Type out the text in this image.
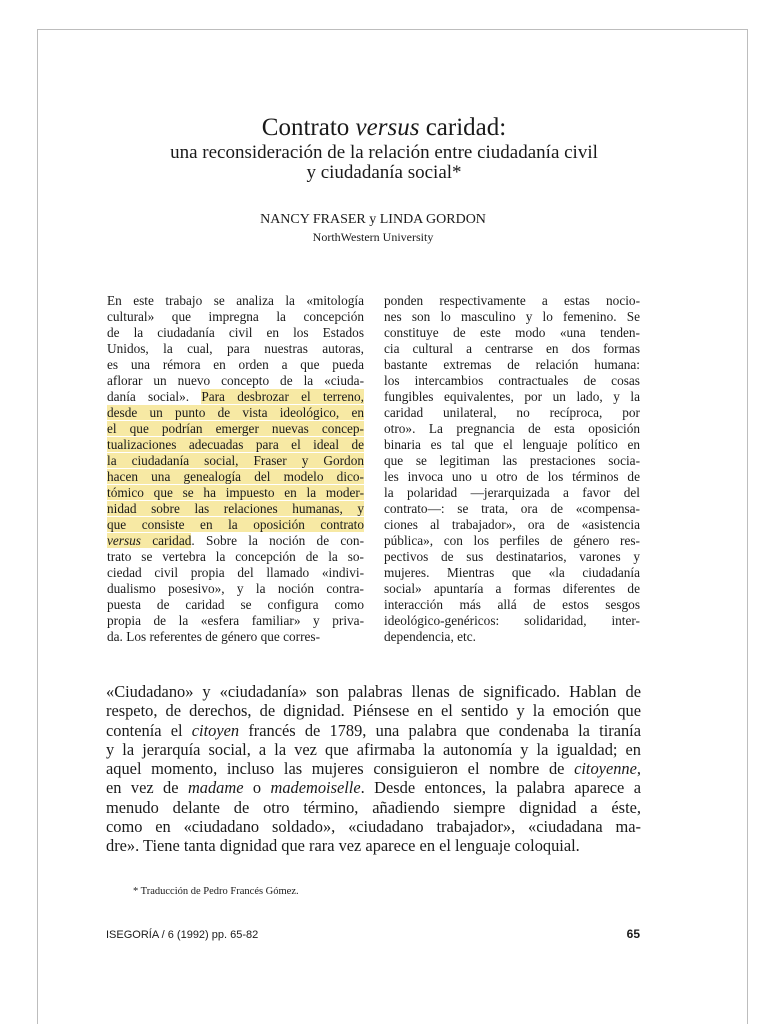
Contrato versus caridad:
una reconsideración de la relación entre ciudadanía civil
y ciudadanía social*
NANCY FRASER y LINDA GORDON
NorthWestern University
En este trabajo se analiza la «mitología
cultural» que impregna la concepción
de la ciudadanía civil en los Estados
Unidos, la cual, para nuestras autoras,
es una rémora en orden a que pueda
aflorar un nuevo concepto de la «ciuda-
danía social». Para desbrozar el terreno,
desde un punto de vista ideológico, en
el que podrían emerger nuevas concep-
tualizaciones adecuadas para el ideal de
la ciudadanía social, Fraser y Gordon
hacen una genealogía del modelo dico-
tómico que se ha impuesto en la moder-
nidad sobre las relaciones humanas, y
que consiste en la oposición contrato
versus caridad. Sobre la noción de con-
trato se vertebra la concepción de la so-
ciedad civil propia del llamado «indivi-
dualismo posesivo», y la noción contra-
puesta de caridad se configura como
propia de la «esfera familiar» y priva-
da. Los referentes de género que corres-
ponden respectivamente a estas nocio-
nes son lo masculino y lo femenino. Se
constituye de este modo «una tenden-
cia cultural a centrarse en dos formas
bastante extremas de relación humana:
los intercambios contractuales de cosas
fungibles equivalentes, por un lado, y la
caridad unilateral, no recíproca, por
otro». La pregnancia de esta oposición
binaria es tal que el lenguaje político en
que se legitiman las prestaciones socia-
les invoca uno u otro de los términos de
la polaridad —jerarquizada a favor del
contrato—: se trata, ora de «compensa-
ciones al trabajador», ora de «asistencia
pública», con los perfiles de género res-
pectivos de sus destinatarios, varones y
mujeres. Mientras que «la ciudadanía
social» apuntaría a formas diferentes de
interacción más allá de estos sesgos
ideológico-genéricos: solidaridad, inter-
dependencia, etc.
«Ciudadano» y «ciudadanía» son palabras llenas de significado. Hablan de
respeto, de derechos, de dignidad. Piénsese en el sentido y la emoción que
contenía el citoyen francés de 1789, una palabra que condenaba la tiranía
y la jerarquía social, a la vez que afirmaba la autonomía y la igualdad; en
aquel momento, incluso las mujeres consiguieron el nombre de citoyenne,
en vez de madame o mademoiselle. Desde entonces, la palabra aparece a
menudo delante de otro término, añadiendo siempre dignidad a éste,
como en «ciudadano soldado», «ciudadano trabajador», «ciudadana ma-
dre». Tiene tanta dignidad que rara vez aparece en el lenguaje coloquial.
* Traducción de Pedro Francés Gómez.
ISEGORÍA / 6 (1992) pp. 65-82	65
